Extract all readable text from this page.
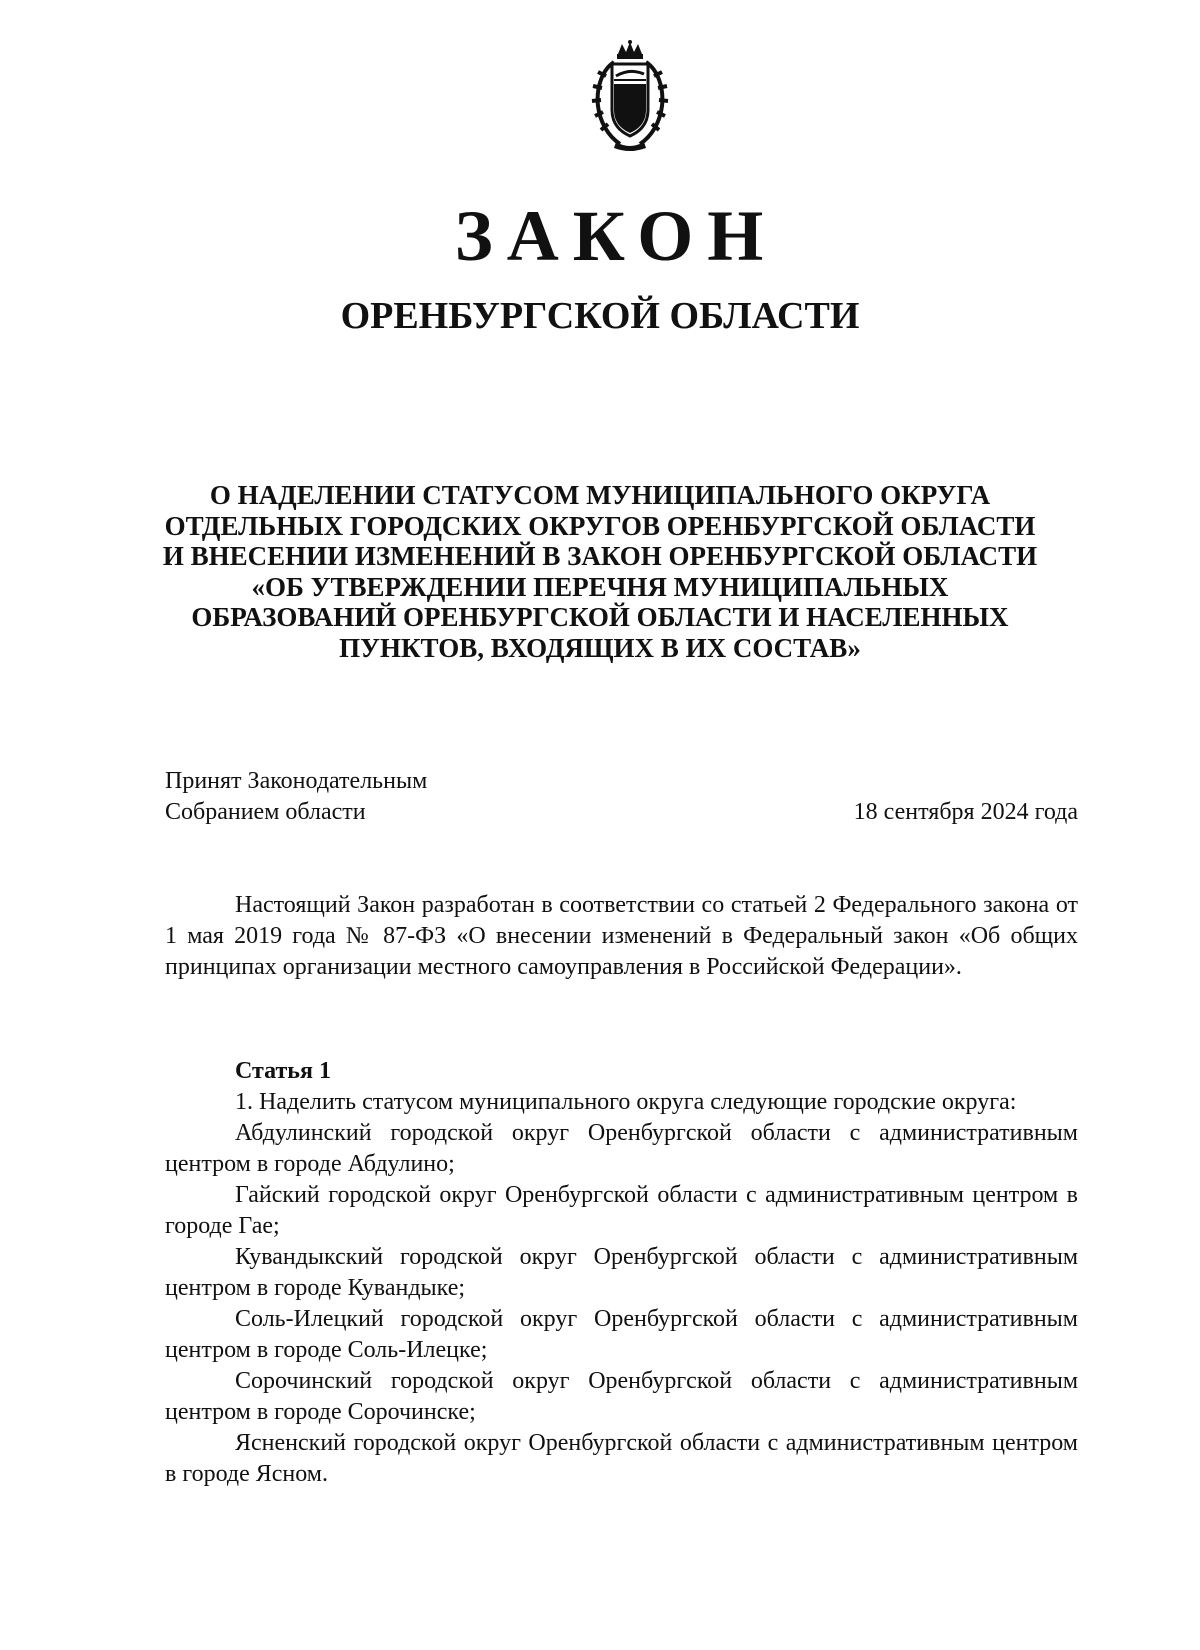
ЗАКОН
ОРЕНБУРГСКОЙ ОБЛАСТИ
О НАДЕЛЕНИИ СТАТУСОМ МУНИЦИПАЛЬНОГО ОКРУГА
ОТДЕЛЬНЫХ ГОРОДСКИХ ОКРУГОВ ОРЕНБУРГСКОЙ ОБЛАСТИ
И ВНЕСЕНИИ ИЗМЕНЕНИЙ В ЗАКОН ОРЕНБУРГСКОЙ ОБЛАСТИ
«ОБ УТВЕРЖДЕНИИ ПЕРЕЧНЯ МУНИЦИПАЛЬНЫХ
ОБРАЗОВАНИЙ ОРЕНБУРГСКОЙ ОБЛАСТИ И НАСЕЛЕННЫХ
ПУНКТОВ, ВХОДЯЩИХ В ИХ СОСТАВ»
Принят Законодательным
Собранием области	18 сентября 2024 года

Настоящий Закон разработан в соответствии со статьей 2 Федерального закона от 1 мая 2019 года № 87-ФЗ «О внесении изменений в Федеральный закон «Об общих принципах организации местного самоуправления в Российской Федерации».

Статья 1

1. Наделить статусом муниципального округа следующие городские округа:

Абдулинский городской округ Оренбургской области с административным центром в городе Абдулино;

Гайский городской округ Оренбургской области с административным центром в городе Гае;

Кувандыкский городской округ Оренбургской области с административным центром в городе Кувандыке;

Соль-Илецкий городской округ Оренбургской области с административным центром в городе Соль-Илецке;

Сорочинский городской округ Оренбургской области с административным центром в городе Сорочинске;

Ясненский городской округ Оренбургской области с административным центром в городе Ясном.
